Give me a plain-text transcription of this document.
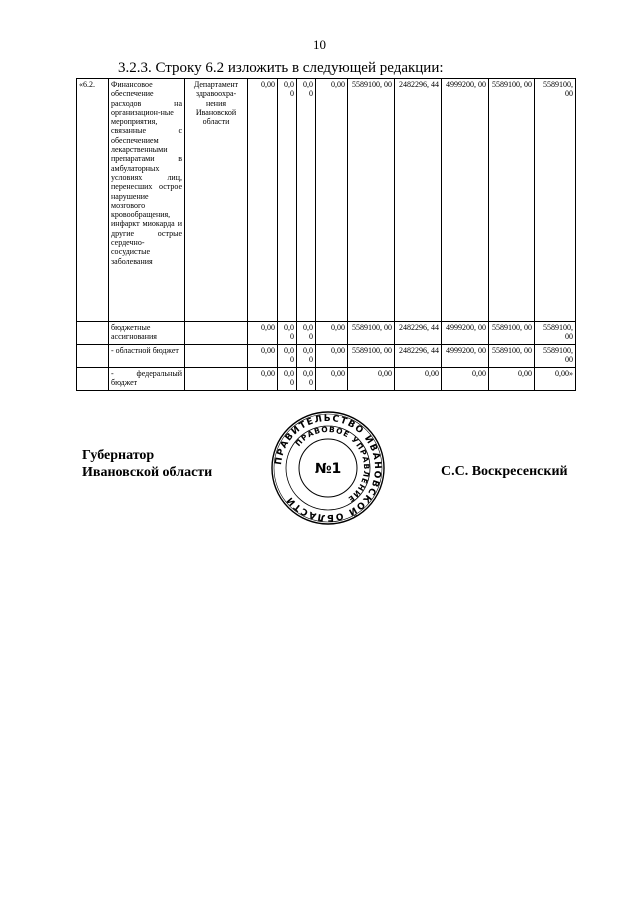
10
3.2.3. Строку 6.2 изложить в следующей редакции:
«6.2.	Финансовое обеспечение расходов на организацион-ные мероприятия, связанные с обеспечением лекарственными препаратами в амбулаторных условиях лиц, перенесших острое нарушение мозгового кровообращения, инфаркт миокарда и другие острые сердечно-сосудистые заболевания	Департамент здравоохра-нения Ивановской области	0,00	0,0 0	0,0 0	0,00	5589100, 00	2482296, 44	4999200, 00	5589100, 00	5589100, 00
	бюджетные ассигнования		0,00	0,0 0	0,0 0	0,00	5589100, 00	2482296, 44	4999200, 00	5589100, 00	5589100, 00
	- областной бюджет		0,00	0,0 0	0,0 0	0,00	5589100, 00	2482296, 44	4999200, 00	5589100, 00	5589100, 00
	- федеральный бюджет		0,00	0,0 0	0,0 0	0,00	0,00	0,00	0,00	0,00	0,00»
Губернатор
Ивановской области
ПРАВИТЕЛЬСТВО ИВАНОВСКОЙ ОБЛАСТИ
ПРАВОВОЕ УПРАВЛЕНИЕ
№1	С.С. Воскресенский
